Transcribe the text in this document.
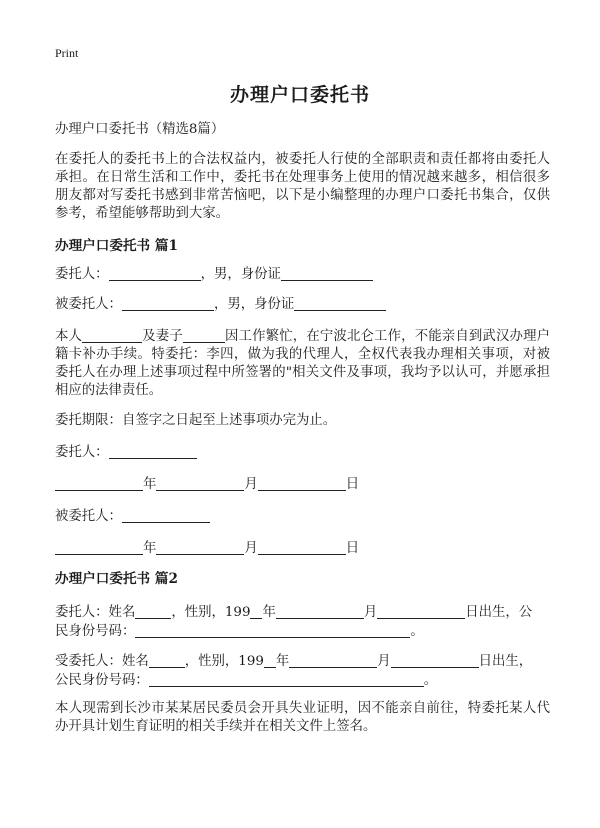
Print
办理户口委托书
办理户口委托书（精选8篇）
在委托人的委托书上的合法权益内，被委托人行使的全部职责和责任都将由委托人承担。在日常生活和工作中，委托书在处理事务上使用的情况越来越多，相信很多朋友都对写委托书感到非常苦恼吧，以下是小编整理的办理户口委托书集合，仅供参考，希望能够帮助到大家。
办理户口委托书 篇1
委托人：	，男，身份证
被委托人：	，男，身份证
本人	及妻子	因工作繁忙，在宁波北仑工作，不能亲自到武汉办理户籍卡补办手续。特委托：李四，做为我的代理人，全权代表我办理相关事项，对被委托人在办理上述事项过程中所签署的"相关文件及事项，我均予以认可，并愿承担相应的法律责任。
委托期限：自签字之日起至上述事项办完为止。
委托人：
年	月	日
被委托人：
年	月	日
办理户口委托书 篇2
委托人：姓名	，性别，199 年	月	日出生，公
民身份号码：	。
受委托人：姓名	，性别，199 年	月	日出生，
公民身份号码：	。
本人现需到长沙市某某居民委员会开具失业证明，因不能亲自前往，特委托某人代办开具计划生育证明的相关手续并在相关文件上签名。
